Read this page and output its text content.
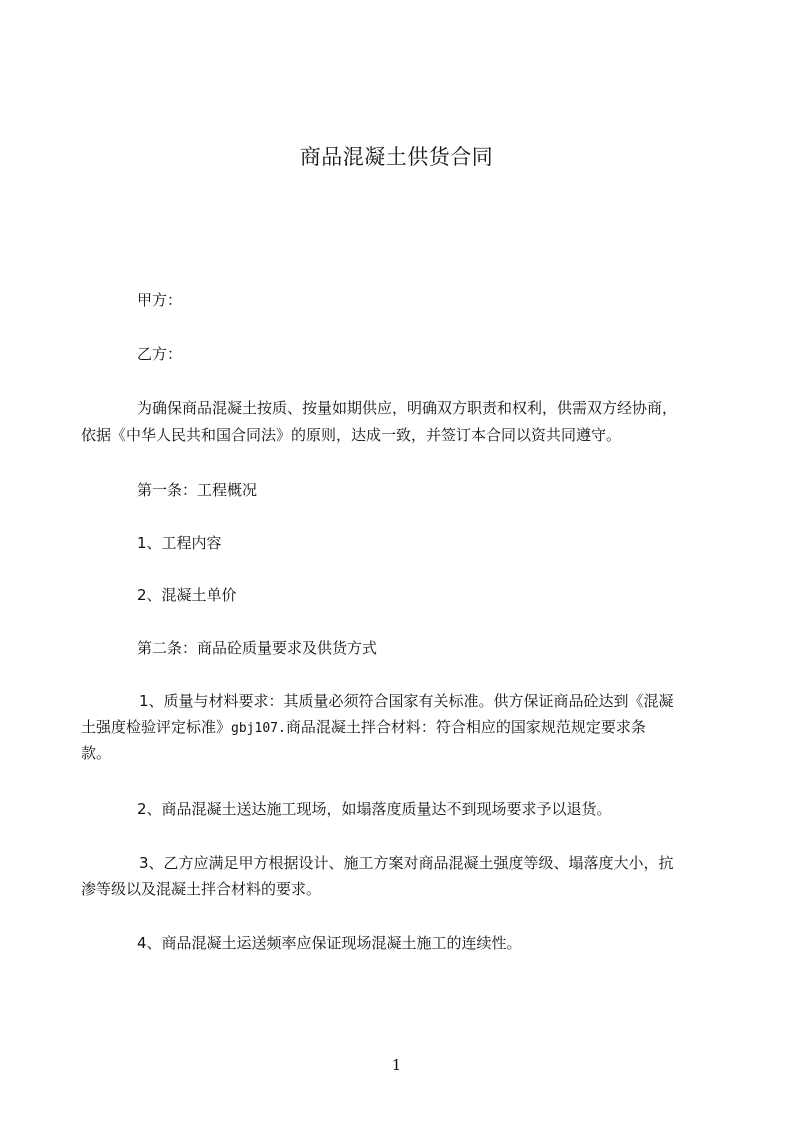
商品混凝土供货合同
甲方：
乙方：
为确保商品混凝土按质、按量如期供应，明确双方职责和权利，供需双方经协商，
依据《中华人民共和国合同法》的原则，达成一致，并签订本合同以资共同遵守。
第一条：工程概况
1、工程内容
2、混凝土单价
第二条：商品砼质量要求及供货方式
1、质量与材料要求：其质量必须符合国家有关标准。供方保证商品砼达到《混凝
土强度检验评定标准》gbj107.商品混凝土拌合材料：符合相应的国家规范规定要求条
款。
2、商品混凝土送达施工现场，如塌落度质量达不到现场要求予以退货。
3、乙方应满足甲方根据设计、施工方案对商品混凝土强度等级、塌落度大小，抗
渗等级以及混凝土拌合材料的要求。
4、商品混凝土运送频率应保证现场混凝土施工的连续性。
1
